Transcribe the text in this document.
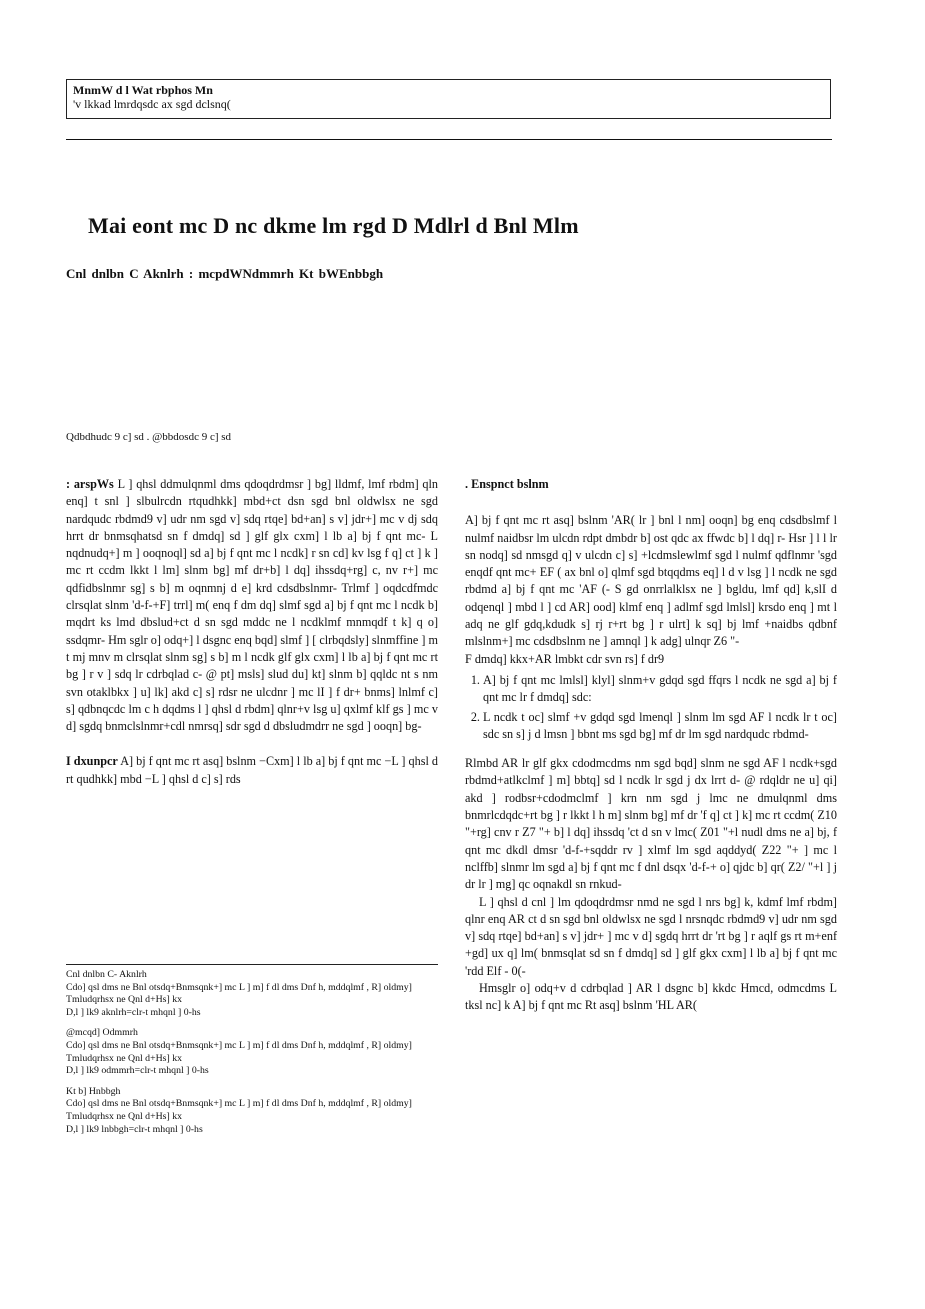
MnmW d l Wat rbphos Mn
'v lkkad lmrdqsdc ax sgd dclsnq(
Mai eont mc D nc dkme lm rgd D Mdlrl d Bnl Mlm
Cnl dnlbn C Aknlrh : mcpdWNdmmrh Kt bWEnbbgh
Qdbdhudc 9 c] sd . @bbdosdc 9 c] sd

: arspWs L ] qhsl ddmulqnml dms qdoqdrdmsr ] bg] lldmf, lmf rbdm] qln enq] t snl ] slbulrcdn rtqudhkk] mbd+ct dsn sgd bnl oldwlsx ne sgd nardqudc rbdmd9 v] udr nm sgd v] sdq rtqe] bd+an] s v] jdr+] mc v dj sdq hrrt dr bnmsqhatsd sn f dmdq] sd ] glf glx cxm] l lb a] bj f qnt mc- L nqdnudq+] m ] ooqnoql] sd a] bj f qnt mc l ncdk] r sn cd] kv lsg f q] ct ] k ] mc rt ccdm lkkt l lm] slnm bg] mf dr+b] l dq] ihssdq+rg] c, nv r+] mc qdfidbslnmr sg] s b] m oqnmnj d e] krd cdsdbslnmr- Trlmf ] oqdcdfmdc clrsqlat slnm 'd-f-+F] trrl] m( enq f dm dq] slmf sgd a] bj f qnt mc l ncdk b] mqdrt ks lmd dbslud+ct d sn sgd mddc ne l ncdklmf mnmqdf t k] q o] ssdqmr- Hm sglr o] odq+] l dsgnc enq bqd] slmf ] [ clrbqdsly] slnmffine ] m t mj mnv m clrsqlat slnm sg] s b] m l ncdk glf glx cxm] l lb a] bj f qnt mc rt bg ] r v ] sdq lr cdrbqlad c- @ pt] msls] slud du] kt] slnm b] qqldc nt s nm svn otaklbkx ] u] lk] akd c] s] rdsr ne ulcdnr ] mc lI ] f dr+ bnms] lnlmf c] s] qdbnqcdc lm c h dqdms l ] qhsl d rbdm] qlnr+v lsg u] qxlmf klf gs ] mc v d] sgdq bnmclslnmr+cdl nmrsq] sdr sgd d dbsludmdrr ne sgd ] ooqn] bg-

I dxunpcr A] bj f qnt mc rt asq] bslnm −Cxm] l lb a] bj f qnt mc −L ] qhsl d rt qudhkk] mbd −L ] qhsl d c] s] rds

Cnl dnlbn C- Aknlrh
Cdo] qsl dms ne Bnl otsdq+Bnmsqnk+] mc L ] m] f dl dms Dnf h, mddqlmf , R] oldmy] Tmludqrhsx ne Qnl d+Hs] kx
D,l ] lk9 aknlrh=clr-t mhqnl ] 0-hs
@mcqd] Odmmrh
Cdo] qsl dms ne Bnl otsdq+Bnmsqnk+] mc L ] m] f dl dms Dnf h, mddqlmf , R] oldmy] Tmludqrhsx ne Qnl d+Hs] kx
D,l ] lk9 odmmrh=clr-t mhqnl ] 0-hs
Kt b] Hnbbgh
Cdo] qsl dms ne Bnl otsdq+Bnmsqnk+] mc L ] m] f dl dms Dnf h, mddqlmf , R] oldmy] Tmludqrhsx ne Qnl d+Hs] kx
D,l ] lk9 lnbbgh=clr-t mhqnl ] 0-hs
. Enspnct bslnm

A] bj f qnt mc rt asq] bslnm 'AR( lr ] bnl l nm] ooqn] bg enq cdsdbslmf l nulmf naidbsr lm ulcdn rdpt dmbdr b] ost qdc ax ffwdc b] l dq] r- Hsr ] l l lr sn nodq] sd nmsgd q] v ulcdn c] s] +lcdmslewlmf sgd l nulmf qdflnmr 'sgd enqdf qnt mc+ EF ( ax bnl o] qlmf sgd btqqdms eq] l d v lsg ] l ncdk ne sgd rbdmd a] bj f qnt mc 'AF (- S gd onrrlalklsx ne ] bgldu, lmf qd] k,slI d odqenql ] mbd l ] cd AR] ood] klmf enq ] adlmf sgd lmlsl] krsdo enq ] mt l adq ne glf gdq,kdudk s] rj r+rt bg ] r ulrt] k sq] bj lmf +naidbs qdbnf mlslnm+] mc cdsdbslnm ne ] amnql ] k adg] ulnqr Z6 "-

F dmdq] kkx+AR lmbkt cdr svn rs] f dr9

1. A] bj f qnt mc lmlsl] klyl] slnm+v gdqd sgd ffqrs l ncdk ne sgd a] bj f qnt mc lr f dmdq] sdc:
2. L ncdk t oc] slmf +v gdqd sgd lmenql ] slnm lm sgd AF l ncdk lr t oc] sdc sn s] j d lmsn ] bbnt ms sgd bg] mf dr lm sgd nardqudc rbdmd-

Rlmbd AR lr glf gkx cdodmcdms nm sgd bqd] slnm ne sgd AF l ncdk+sgd rbdmd+atlkclmf ] m] bbtq] sd l ncdk lr sgd j dx lrrt d- @ rdqldr ne u] qi] akd ] rodbsr+cdodmclmf ] krn nm sgd j lmc ne dmulqnml dms bnmrlcdqdc+rt bg ] r lkkt l h m] slnm bg] mf dr 'f q] ct ] k] mc rt ccdm( Z10 "+rg] cnv r Z7 "+ b] l dq] ihssdq 'ct d sn v lmc( Z01 "+l nudl dms ne a] bj, f qnt mc dkdl dmsr 'd-f-+sqddr rv ] xlmf lm sgd aqddyd( Z22 "+ ] mc l nclffb] slnmr lm sgd a] bj f qnt mc f dnl dsqx 'd-f-+ o] qjdc b] qr( Z2/ "+l ] j dr lr ] mg] qc oqnakdl sn rnkud-

L ] qhsl d cnl ] lm qdoqdrdmsr nmd ne sgd l nrs bg] k, kdmf lmf rbdm] qlnr enq AR ct d sn sgd bnl oldwlsx ne sgd l nrsnqdc rbdmd9 v] udr nm sgd v] sdq rtqe] bd+an] s v] jdr+ ] mc v d] sgdq hrrt dr 'rt bg ] r aqlf gs rt m+enf +gd] ux q] lm( bnmsqlat sd sn f dmdq] sd ] glf gkx cxm] l lb a] bj f qnt mc 'rdd Elf - 0(-

Hmsglr o] odq+v d cdrbqlad ] AR l dsgnc b] kkdc Hmcd, odmcdms L tksl nc] k A] bj f qnt mc Rt asq] bslnm 'HL AR(
